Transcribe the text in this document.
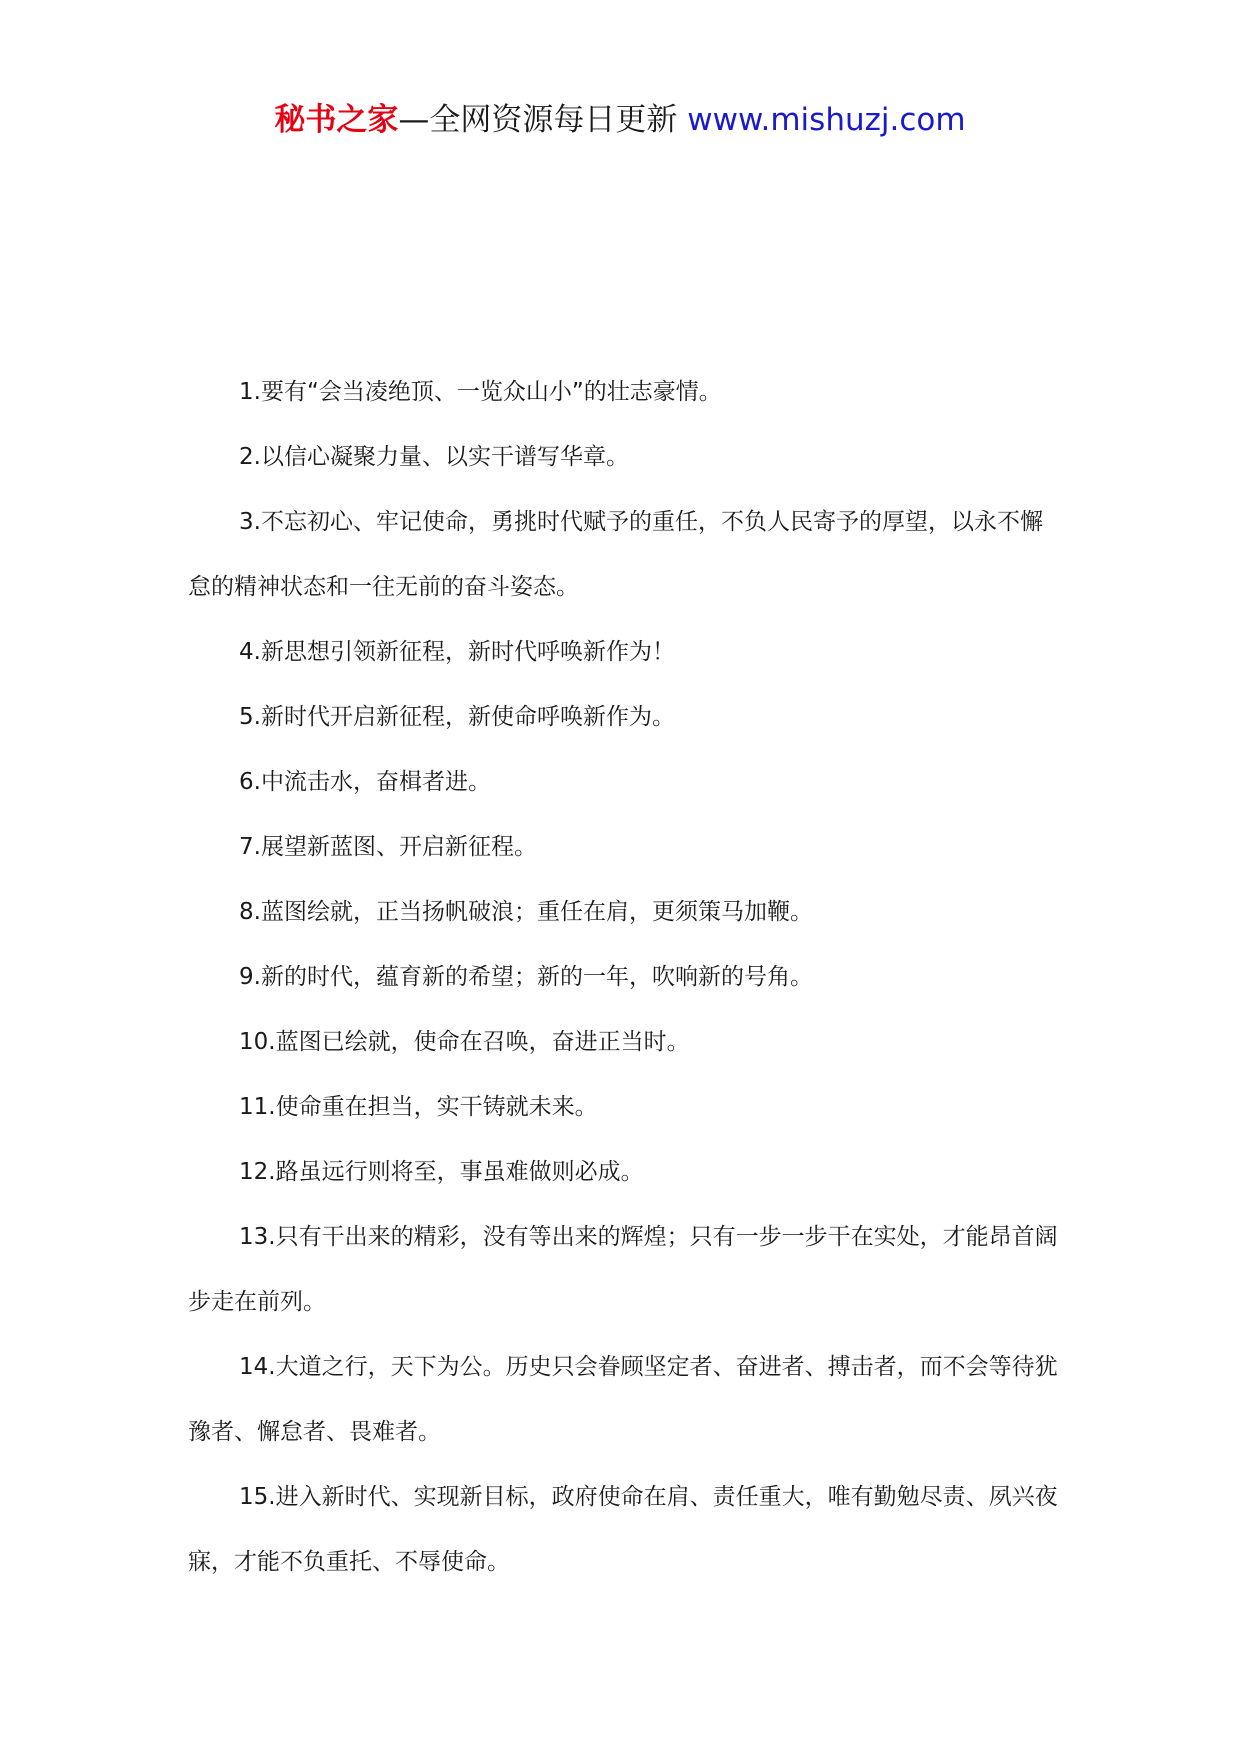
秘书之家—全网资源每日更新 www.mishuzj.com

1.要有“会当凌绝顶、一览众山小”的壮志豪情。

2.以信心凝聚力量、以实干谱写华章。

3.不忘初心、牢记使命，勇挑时代赋予的重任，不负人民寄予的厚望，以永不懈怠的精神状态和一往无前的奋斗姿态。

4.新思想引领新征程，新时代呼唤新作为！

5.新时代开启新征程，新使命呼唤新作为。

6.中流击水，奋楫者进。

7.展望新蓝图、开启新征程。

8.蓝图绘就，正当扬帆破浪；重任在肩，更须策马加鞭。

9.新的时代，蕴育新的希望；新的一年，吹响新的号角。

10.蓝图已绘就，使命在召唤，奋进正当时。

11.使命重在担当，实干铸就未来。

12.路虽远行则将至，事虽难做则必成。

13.只有干出来的精彩，没有等出来的辉煌；只有一步一步干在实处，才能昂首阔步走在前列。

14.大道之行，天下为公。历史只会眷顾坚定者、奋进者、搏击者，而不会等待犹豫者、懈怠者、畏难者。

15.进入新时代、实现新目标，政府使命在肩、责任重大，唯有勤勉尽责、夙兴夜寐，才能不负重托、不辱使命。
